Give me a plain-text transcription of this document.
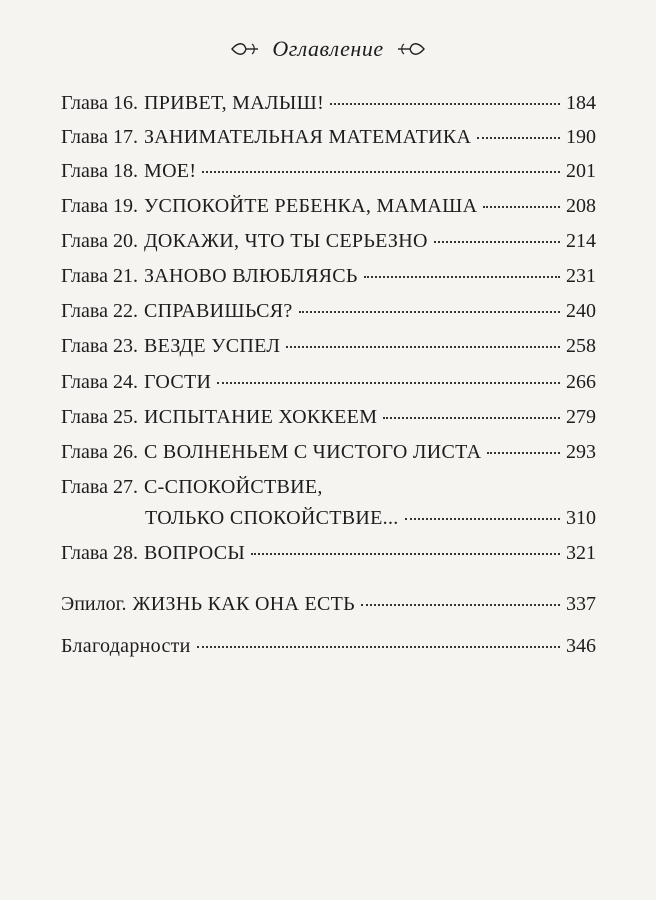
Оглавление
Глава 16. ПРИВЕТ, МАЛЫШ!	184
Глава 17. ЗАНИМАТЕЛЬНАЯ МАТЕМАТИКА	190
Глава 18. МОЕ!	201
Глава 19. УСПОКОЙТЕ РЕБЕНКА, МАМАША	208
Глава 20. ДОКАЖИ, ЧТО ТЫ СЕРЬЕЗНО	214
Глава 21. ЗАНОВО ВЛЮБЛЯЯСЬ	231
Глава 22. СПРАВИШЬСЯ?	240
Глава 23. ВЕЗДЕ УСПЕЛ	258
Глава 24. ГОСТИ	266
Глава 25. ИСПЫТАНИЕ ХОККЕЕМ	279
Глава 26. С ВОЛНЕНЬЕМ С ЧИСТОГО ЛИСТА	293
Глава 27. С-СПОКОЙСТВИЕ,
ТОЛЬКО СПОКОЙСТВИЕ...	310
Глава 28. ВОПРОСЫ	321
Эпилог. ЖИЗНЬ КАК ОНА ЕСТЬ	337
Благодарности	346
